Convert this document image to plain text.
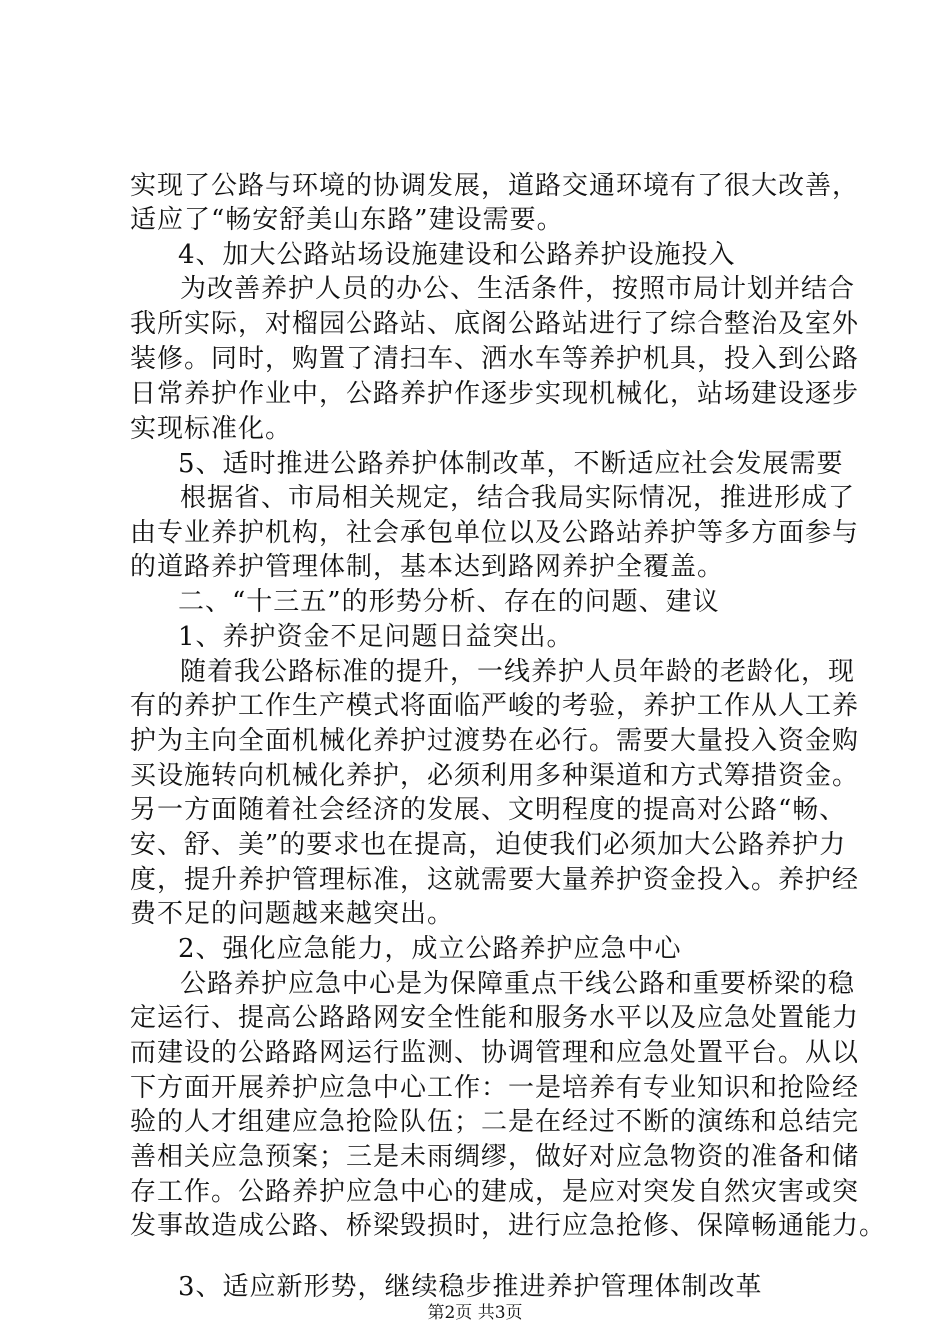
实现了公路与环境的协调发展，道路交通环境有了很大改善，
适应了“畅安舒美山东路”建设需要。
4、加大公路站场设施建设和公路养护设施投入
为改善养护人员的办公、生活条件，按照市局计划并结合
我所实际，对榴园公路站、底阁公路站进行了综合整治及室外
装修。同时，购置了清扫车、洒水车等养护机具，投入到公路
日常养护作业中，公路养护作逐步实现机械化，站场建设逐步
实现标准化。
5、适时推进公路养护体制改革，不断适应社会发展需要
根据省、市局相关规定，结合我局实际情况，推进形成了
由专业养护机构，社会承包单位以及公路站养护等多方面参与
的道路养护管理体制，基本达到路网养护全覆盖。
二、“十三五”的形势分析、存在的问题、建议
1、养护资金不足问题日益突出。
随着我公路标准的提升，一线养护人员年龄的老龄化，现
有的养护工作生产模式将面临严峻的考验，养护工作从人工养
护为主向全面机械化养护过渡势在必行。需要大量投入资金购
买设施转向机械化养护，必须利用多种渠道和方式筹措资金。
另一方面随着社会经济的发展、文明程度的提高对公路“畅、
安、舒、美”的要求也在提高，迫使我们必须加大公路养护力
度，提升养护管理标准，这就需要大量养护资金投入。养护经
费不足的问题越来越突出。
2、强化应急能力，成立公路养护应急中心
公路养护应急中心是为保障重点干线公路和重要桥梁的稳
定运行、提高公路路网安全性能和服务水平以及应急处置能力
而建设的公路路网运行监测、协调管理和应急处置平台。从以
下方面开展养护应急中心工作：一是培养有专业知识和抢险经
验的人才组建应急抢险队伍；二是在经过不断的演练和总结完
善相关应急预案；三是未雨绸缪，做好对应急物资的准备和储
存工作。公路养护应急中心的建成，是应对突发自然灾害或突
发事故造成公路、桥梁毁损时，进行应急抢修、保障畅通能力。
3、适应新形势，继续稳步推进养护管理体制改革
第2页 共3页
